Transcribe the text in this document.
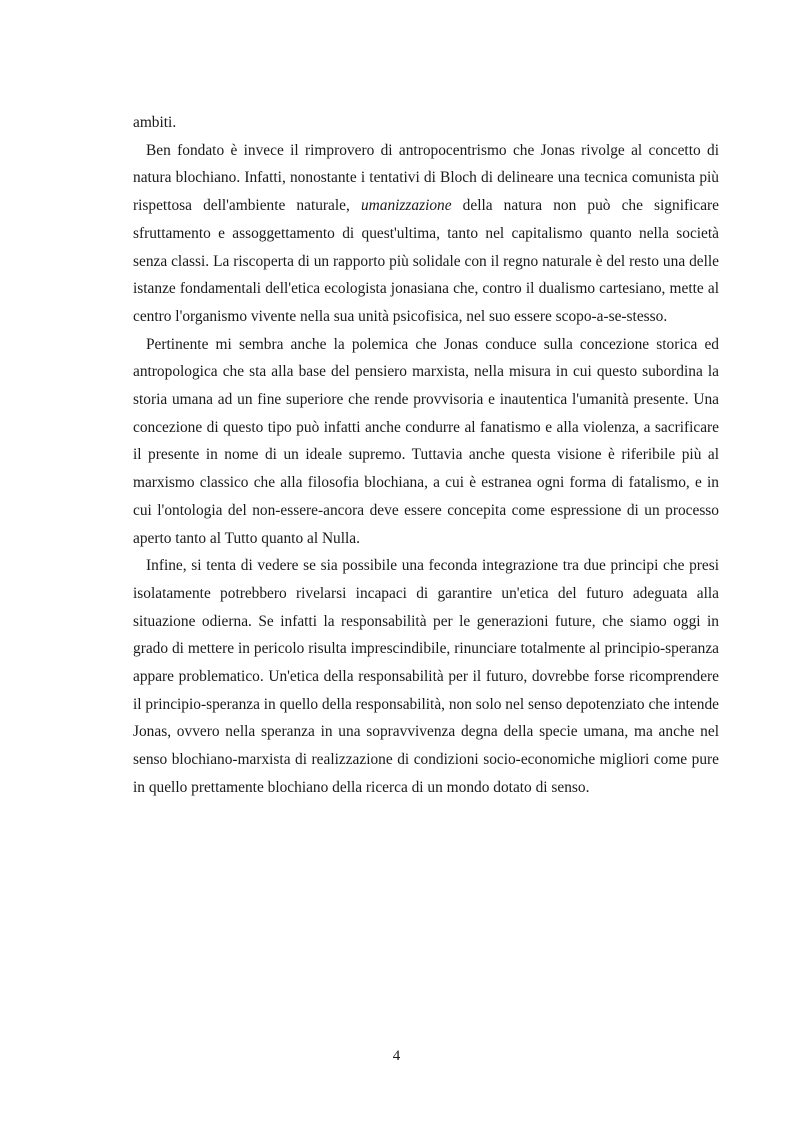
ambiti.

Ben fondato è invece il rimprovero di antropocentrismo che Jonas rivolge al concetto di natura blochiano. Infatti, nonostante i tentativi di Bloch di delineare una tecnica comunista più rispettosa dell'ambiente naturale, umanizzazione della natura non può che significare sfruttamento e assoggettamento di quest'ultima, tanto nel capitalismo quanto nella società senza classi. La riscoperta di un rapporto più solidale con il regno naturale è del resto una delle istanze fondamentali dell'etica ecologista jonasiana che, contro il dualismo cartesiano, mette al centro l'organismo vivente nella sua unità psicofisica, nel suo essere scopo-a-se-stesso.

Pertinente mi sembra anche la polemica che Jonas conduce sulla concezione storica ed antropologica che sta alla base del pensiero marxista, nella misura in cui questo subordina la storia umana ad un fine superiore che rende provvisoria e inautentica l'umanità presente. Una concezione di questo tipo può infatti anche condurre al fanatismo e alla violenza, a sacrificare il presente in nome di un ideale supremo. Tuttavia anche questa visione è riferibile più al marxismo classico che alla filosofia blochiana, a cui è estranea ogni forma di fatalismo, e in cui l'ontologia del non-essere-ancora deve essere concepita come espressione di un processo aperto tanto al Tutto quanto al Nulla.

Infine, si tenta di vedere se sia possibile una feconda integrazione tra due principi che presi isolatamente potrebbero rivelarsi incapaci di garantire un'etica del futuro adeguata alla situazione odierna. Se infatti la responsabilità per le generazioni future, che siamo oggi in grado di mettere in pericolo risulta imprescindibile, rinunciare totalmente al principio-speranza appare problematico. Un'etica della responsabilità per il futuro, dovrebbe forse ricomprendere il principio-speranza in quello della responsabilità, non solo nel senso depotenziato che intende Jonas, ovvero nella speranza in una sopravvivenza degna della specie umana, ma anche nel senso blochiano-marxista di realizzazione di condizioni socio-economiche migliori come pure in quello prettamente blochiano della ricerca di un mondo dotato di senso.

4
